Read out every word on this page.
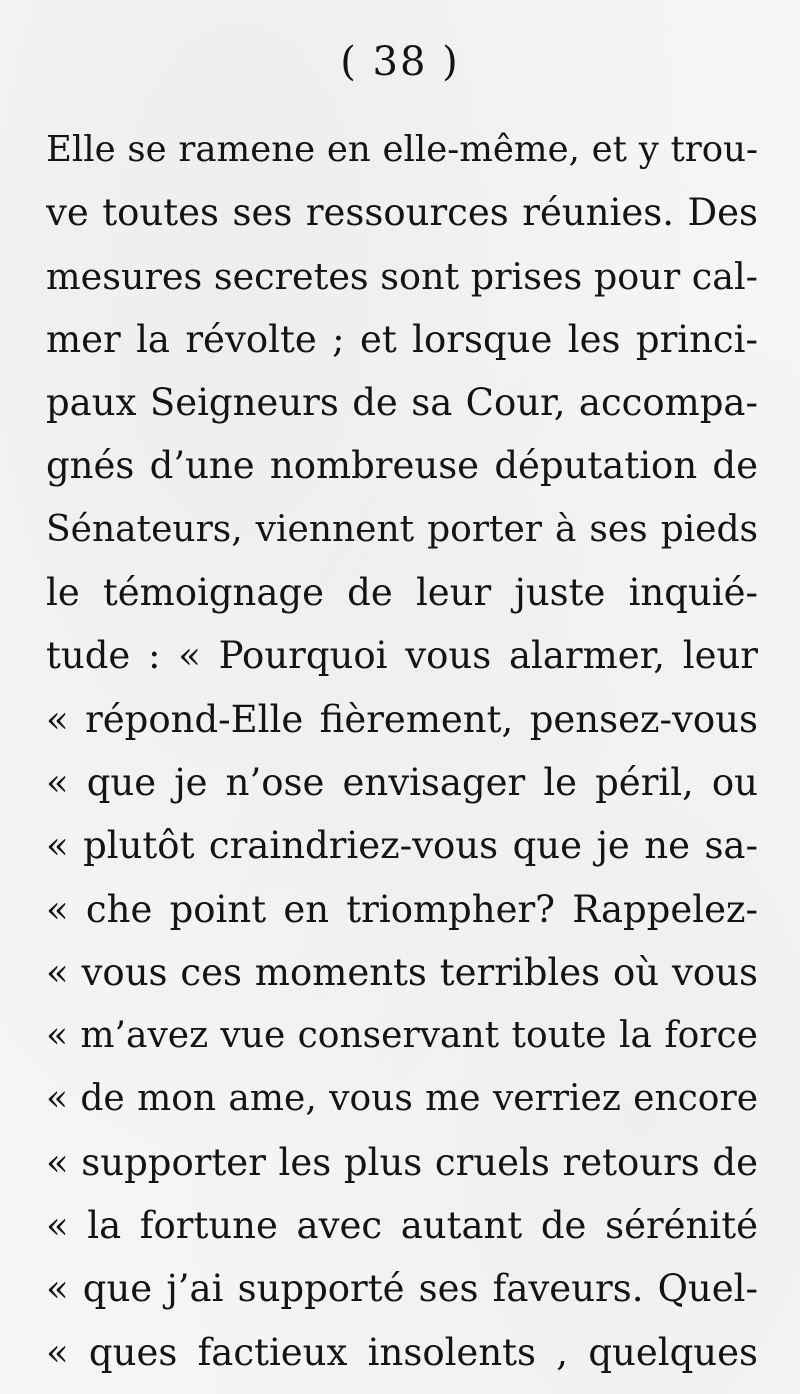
( 38 )
Elle se ramene en elle-même, et y trou-
ve toutes ses ressources réunies. Des
mesures secretes sont prises pour cal-
mer la révolte ; et lorsque les princi-
paux Seigneurs de sa Cour, accompa-
gnés d’une nombreuse députation de
Sénateurs, viennent porter à ses pieds
le témoignage de leur juste inquié-
tude : « Pourquoi vous alarmer, leur
« répond-Elle fièrement, pensez-vous
« que je n’ose envisager le péril, ou
« plutôt craindriez-vous que je ne sa-
« che point en triompher? Rappelez-
« vous ces moments terribles où vous
« m’avez vue conservant toute la force
« de mon ame, vous me verriez encore
« supporter les plus cruels retours de
« la fortune avec autant de sérénité
« que j’ai supporté ses faveurs. Quel-
« ques factieux insolents , quelques
